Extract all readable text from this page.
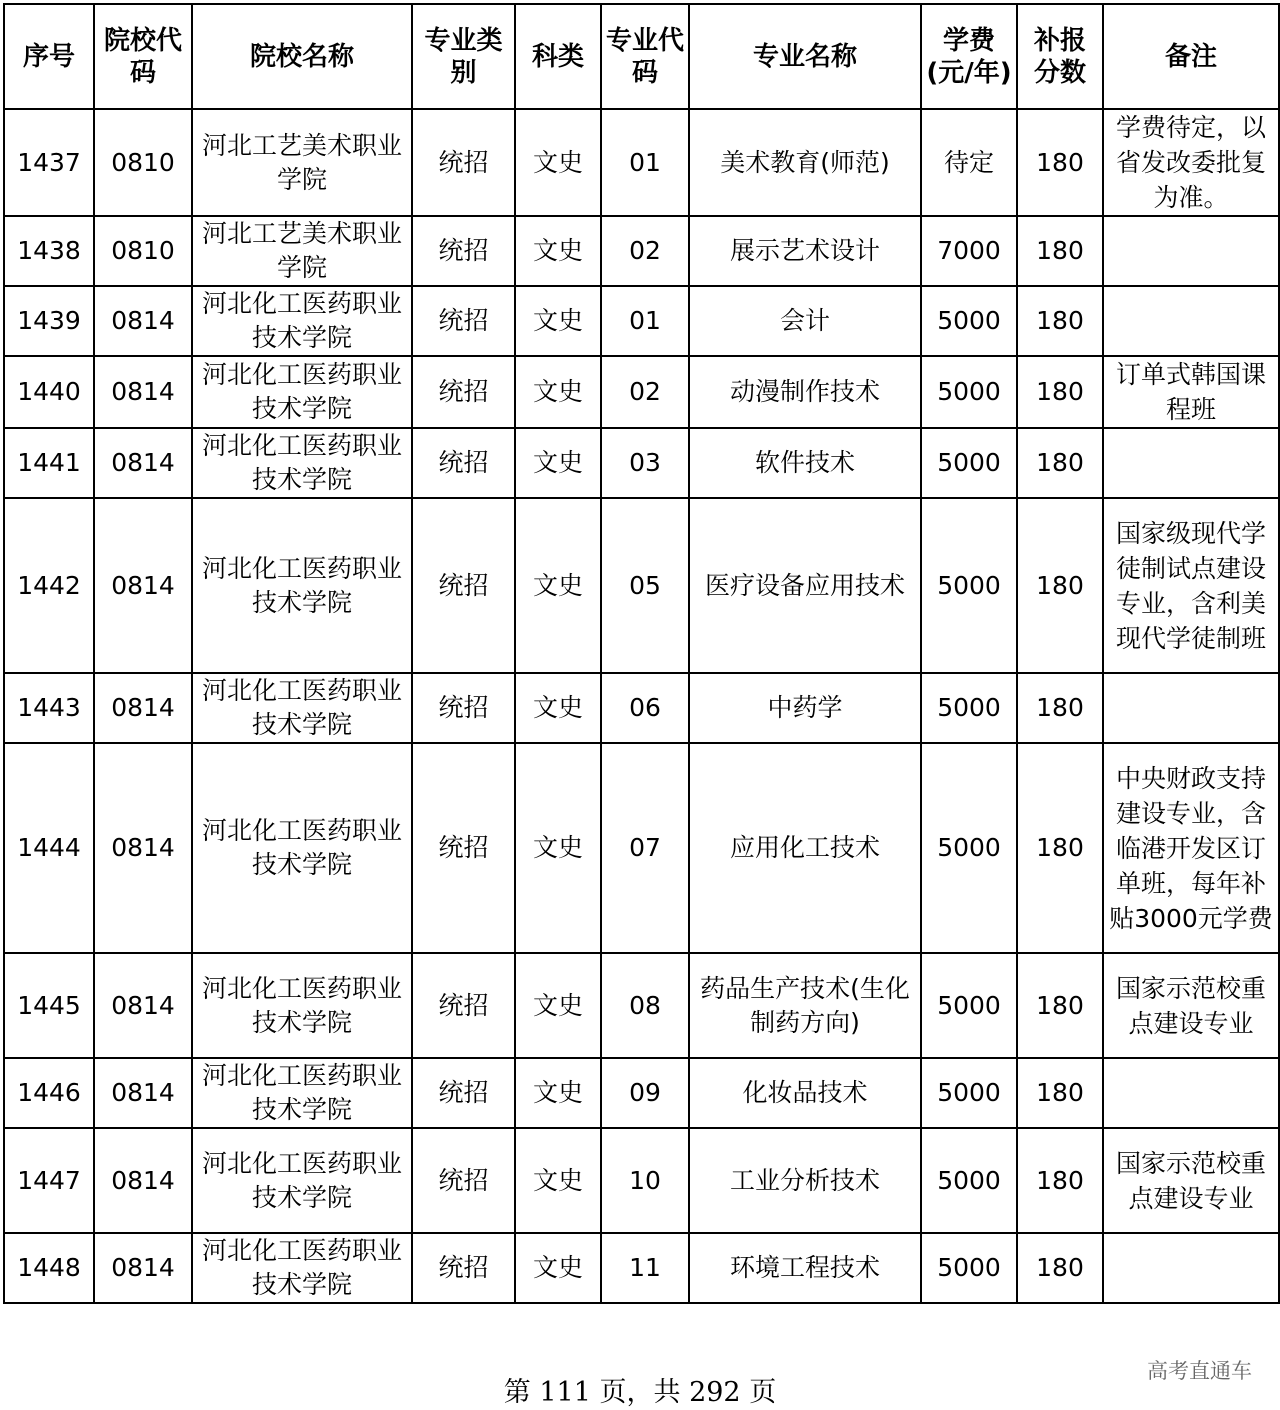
序号	院校代码	院校名称	专业类别	科类	专业代码	专业名称	学费(元/年)	补报分数	备注
1437	0810	河北工艺美术职业学院	统招	文史	01	美术教育(师范)	待定	180	学费待定，以省发改委批复为准。
1438	0810	河北工艺美术职业学院	统招	文史	02	展示艺术设计	7000	180	
1439	0814	河北化工医药职业技术学院	统招	文史	01	会计	5000	180	
1440	0814	河北化工医药职业技术学院	统招	文史	02	动漫制作技术	5000	180	订单式韩国课程班
1441	0814	河北化工医药职业技术学院	统招	文史	03	软件技术	5000	180	
1442	0814	河北化工医药职业技术学院	统招	文史	05	医疗设备应用技术	5000	180	国家级现代学徒制试点建设专业，含利美现代学徒制班
1443	0814	河北化工医药职业技术学院	统招	文史	06	中药学	5000	180	
1444	0814	河北化工医药职业技术学院	统招	文史	07	应用化工技术	5000	180	中央财政支持建设专业，含临港开发区订单班，每年补贴3000元学费
1445	0814	河北化工医药职业技术学院	统招	文史	08	药品生产技术(生化制药方向)	5000	180	国家示范校重点建设专业
1446	0814	河北化工医药职业技术学院	统招	文史	09	化妆品技术	5000	180	
1447	0814	河北化工医药职业技术学院	统招	文史	10	工业分析技术	5000	180	国家示范校重点建设专业
1448	0814	河北化工医药职业技术学院	统招	文史	11	环境工程技术	5000	180	
第 111 页，共 292 页
高考直通车
